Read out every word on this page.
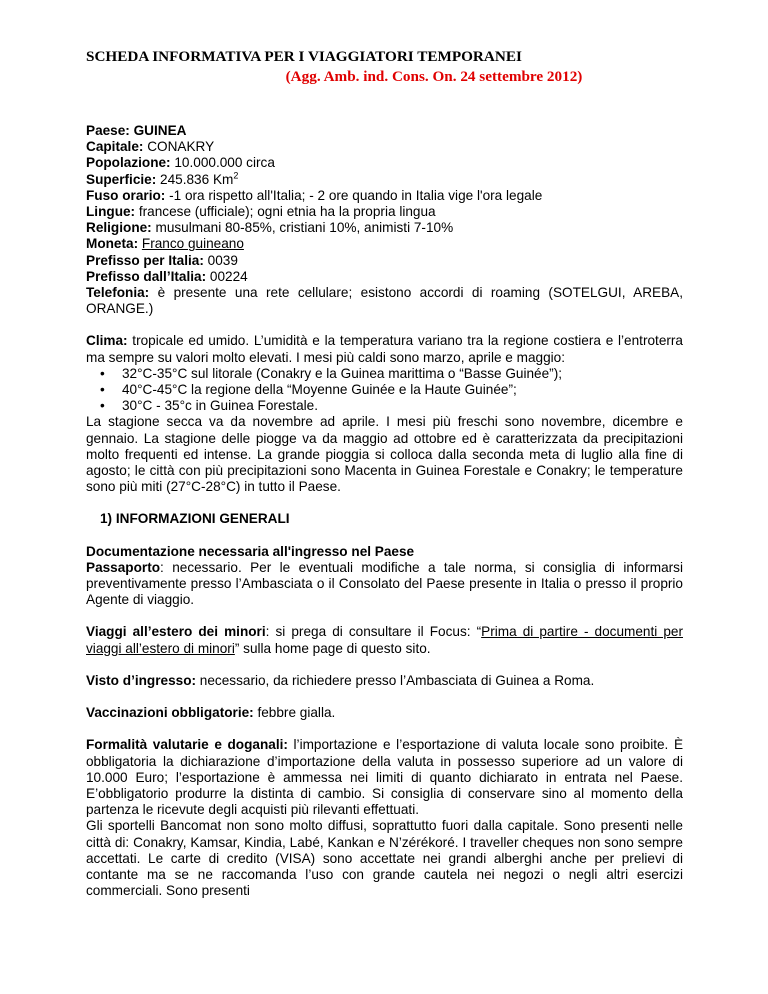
SCHEDA INFORMATIVA PER I VIAGGIATORI TEMPORANEI
(Agg. Amb. ind. Cons. On. 24 settembre 2012)
Paese: GUINEA
Capitale: CONAKRY
Popolazione: 10.000.000 circa
Superficie: 245.836 Km$^2$
Fuso orario: -1 ora rispetto all'Italia; - 2 ore quando in Italia vige l'ora legale
Lingue: francese (ufficiale); ogni etnia ha la propria lingua
Religione: musulmani 80-85%, cristiani 10%, animisti 7-10%
Moneta: Franco guineano
Prefisso per Italia: 0039
Prefisso dall’Italia: 00224
Telefonia: è presente una rete cellulare; esistono accordi di roaming (SOTELGUI, AREBA, ORANGE.)
Clima: tropicale ed umido. L’umidità e la temperatura variano tra la regione costiera e l’entroterra ma sempre su valori molto elevati. I mesi più caldi sono marzo, aprile e maggio:
• 32°C-35°C sul litorale (Conakry e la Guinea marittima o “Basse Guinée”);
• 40°C-45°C la regione della “Moyenne Guinée e la Haute Guinée”;
• 30°C - 35°c in Guinea Forestale.
La stagione secca va da novembre ad aprile. I mesi più freschi sono novembre, dicembre e gennaio. La stagione delle piogge va da maggio ad ottobre ed è caratterizzata da precipitazioni molto frequenti ed intense. La grande pioggia si colloca dalla seconda meta di luglio alla fine di agosto; le città con più precipitazioni sono Macenta in Guinea Forestale e Conakry; le temperature sono più miti (27°C-28°C) in tutto il Paese.
1) INFORMAZIONI GENERALI
Documentazione necessaria all'ingresso nel Paese
Passaporto: necessario. Per le eventuali modifiche a tale norma, si consiglia di informarsi preventivamente presso l’Ambasciata o il Consolato del Paese presente in Italia o presso il proprio Agente di viaggio.
Viaggi all’estero dei minori: si prega di consultare il Focus: “Prima di partire - documenti per viaggi all’estero di minori” sulla home page di questo sito.
Visto d’ingresso: necessario, da richiedere presso l’Ambasciata di Guinea a Roma.
Vaccinazioni obbligatorie: febbre gialla.
Formalità valutarie e doganali: l’importazione e l’esportazione di valuta locale sono proibite. È obbligatoria la dichiarazione d’importazione della valuta in possesso superiore ad un valore di 10.000 Euro; l’esportazione è ammessa nei limiti di quanto dichiarato in entrata nel Paese. E’obbligatorio produrre la distinta di cambio. Si consiglia di conservare sino al momento della partenza le ricevute degli acquisti più rilevanti effettuati.
Gli sportelli Bancomat non sono molto diffusi, soprattutto fuori dalla capitale. Sono presenti nelle città di: Conakry, Kamsar, Kindia, Labé, Kankan e N’zérékoré. I traveller cheques non sono sempre accettati. Le carte di credito (VISA) sono accettate nei grandi alberghi anche per prelievi di contante ma se ne raccomanda l’uso con grande cautela nei negozi o negli altri esercizi commerciali. Sono presenti
